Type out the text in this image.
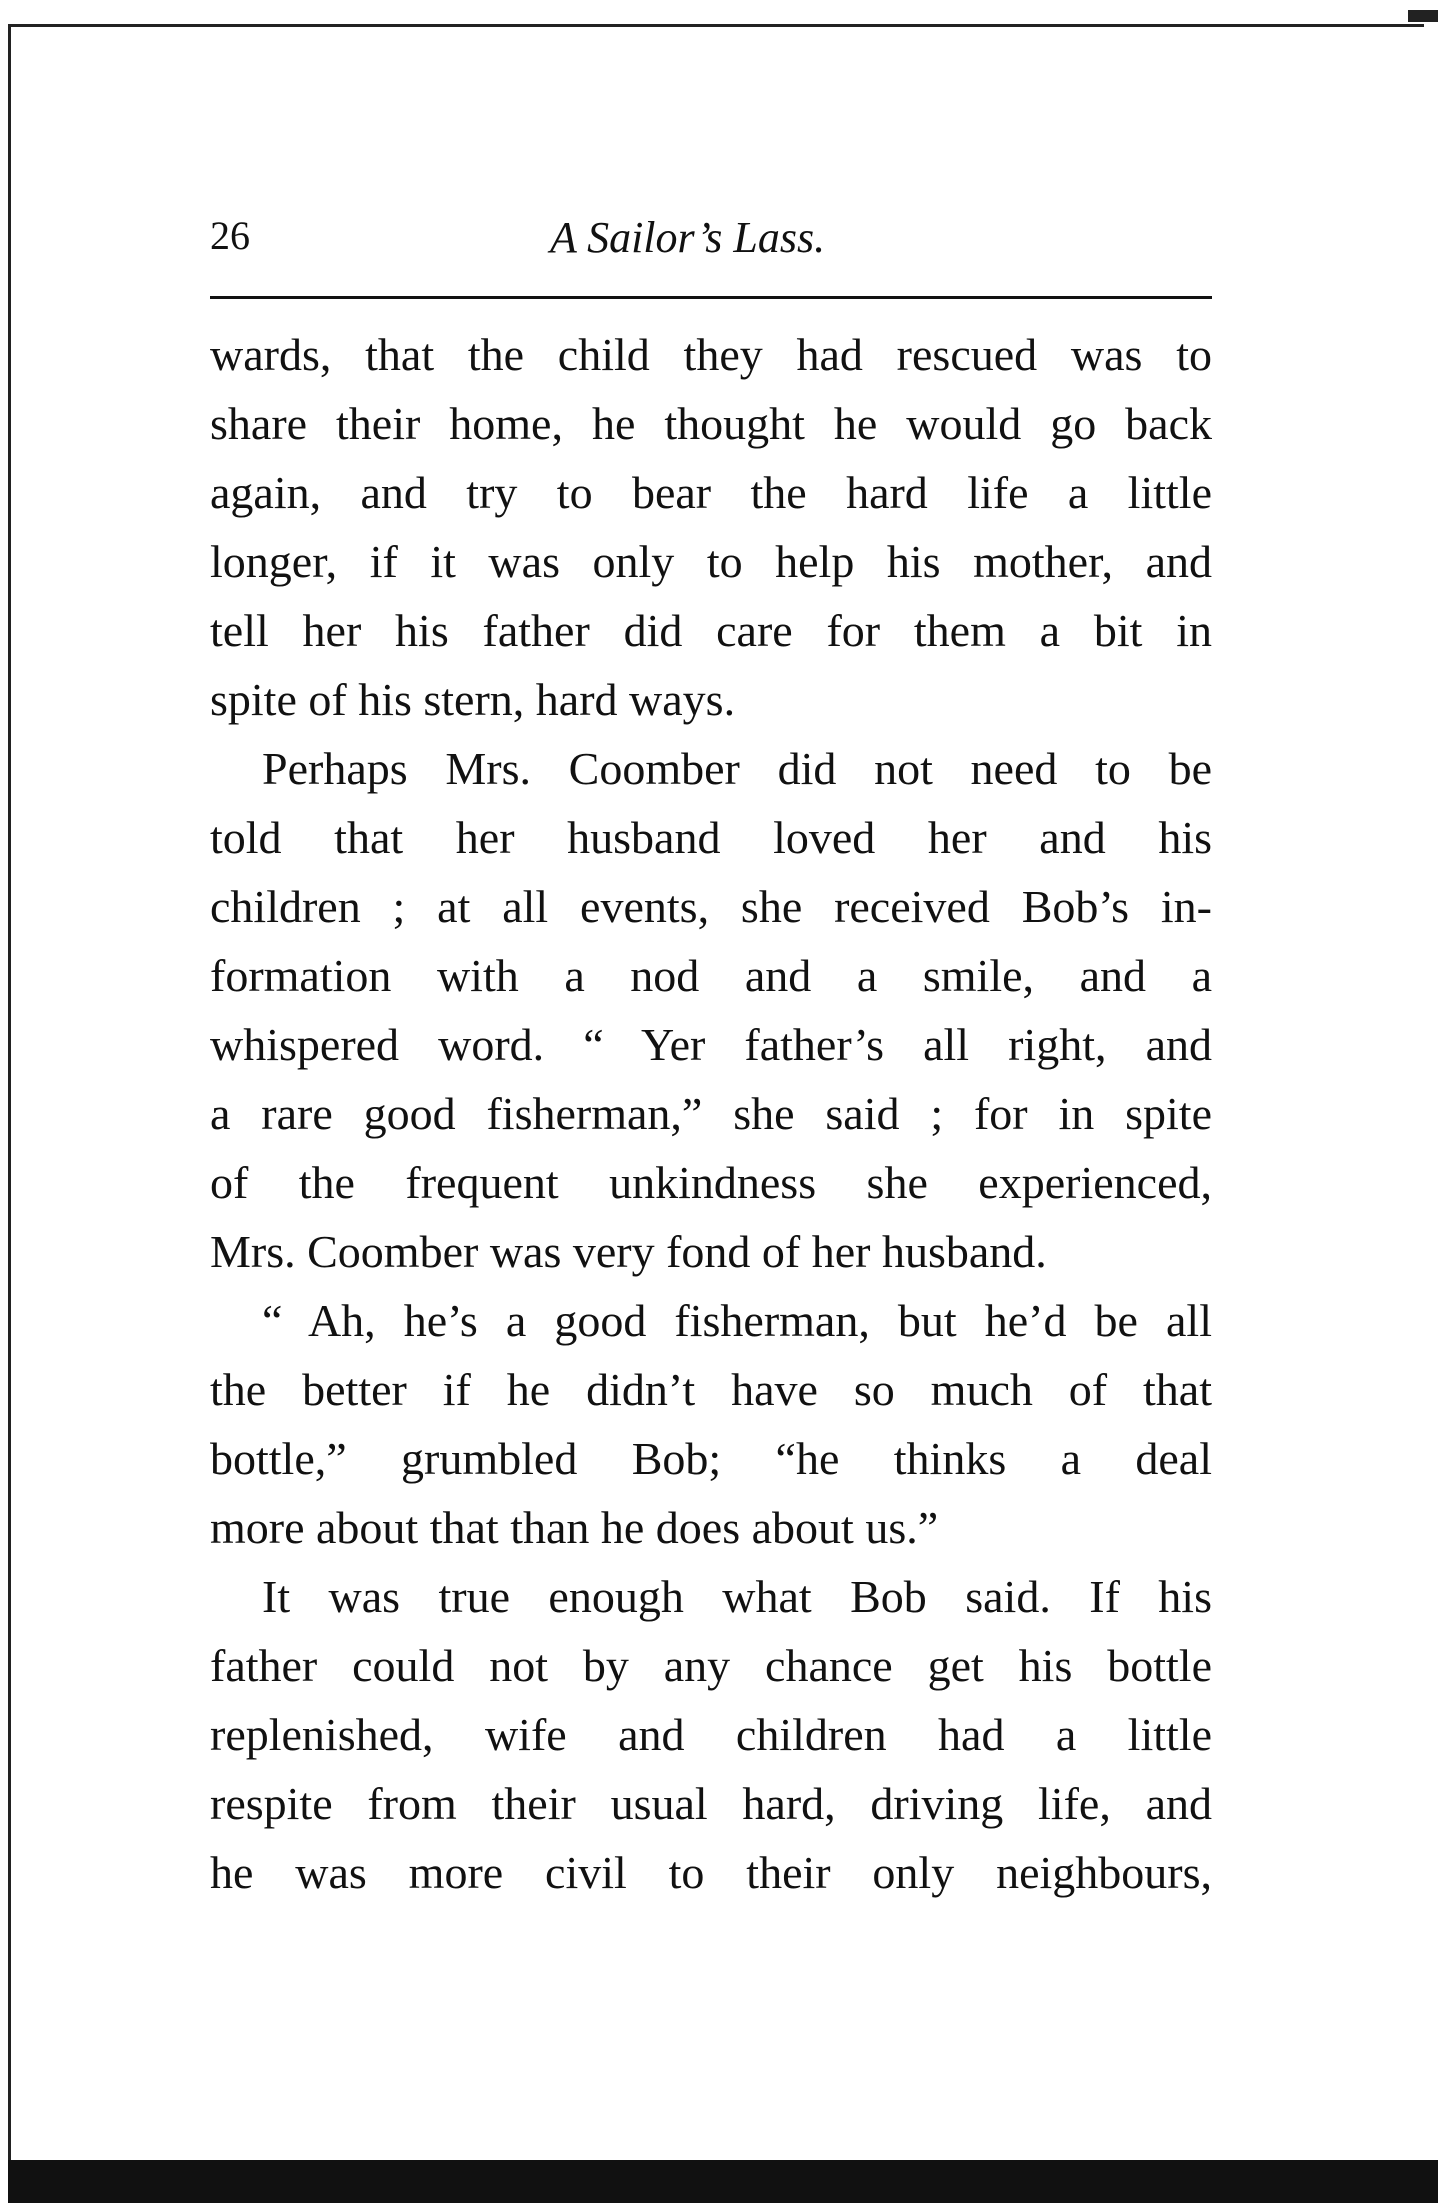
26	A Sailor’s Lass.
wards, that the child they had rescued was to
share their home, he thought he would go back
again, and try to bear the hard life a little
longer, if it was only to help his mother, and
tell her his father did care for them a bit in
spite of his stern, hard ways.
Perhaps Mrs. Coomber did not need to be
told that her husband loved her and his
children ; at all events, she received Bob’s in-
formation with a nod and a smile, and a
whispered word. “ Yer father’s all right, and
a rare good fisherman,” she said ; for in spite
of the frequent unkindness she experienced,
Mrs. Coomber was very fond of her husband.
“ Ah, he’s a good fisherman, but he’d be all
the better if he didn’t have so much of that
bottle,” grumbled Bob; “he thinks a deal
more about that than he does about us.”
It was true enough what Bob said. If his
father could not by any chance get his bottle
replenished, wife and children had a little
respite from their usual hard, driving life, and
he was more civil to their only neighbours,
